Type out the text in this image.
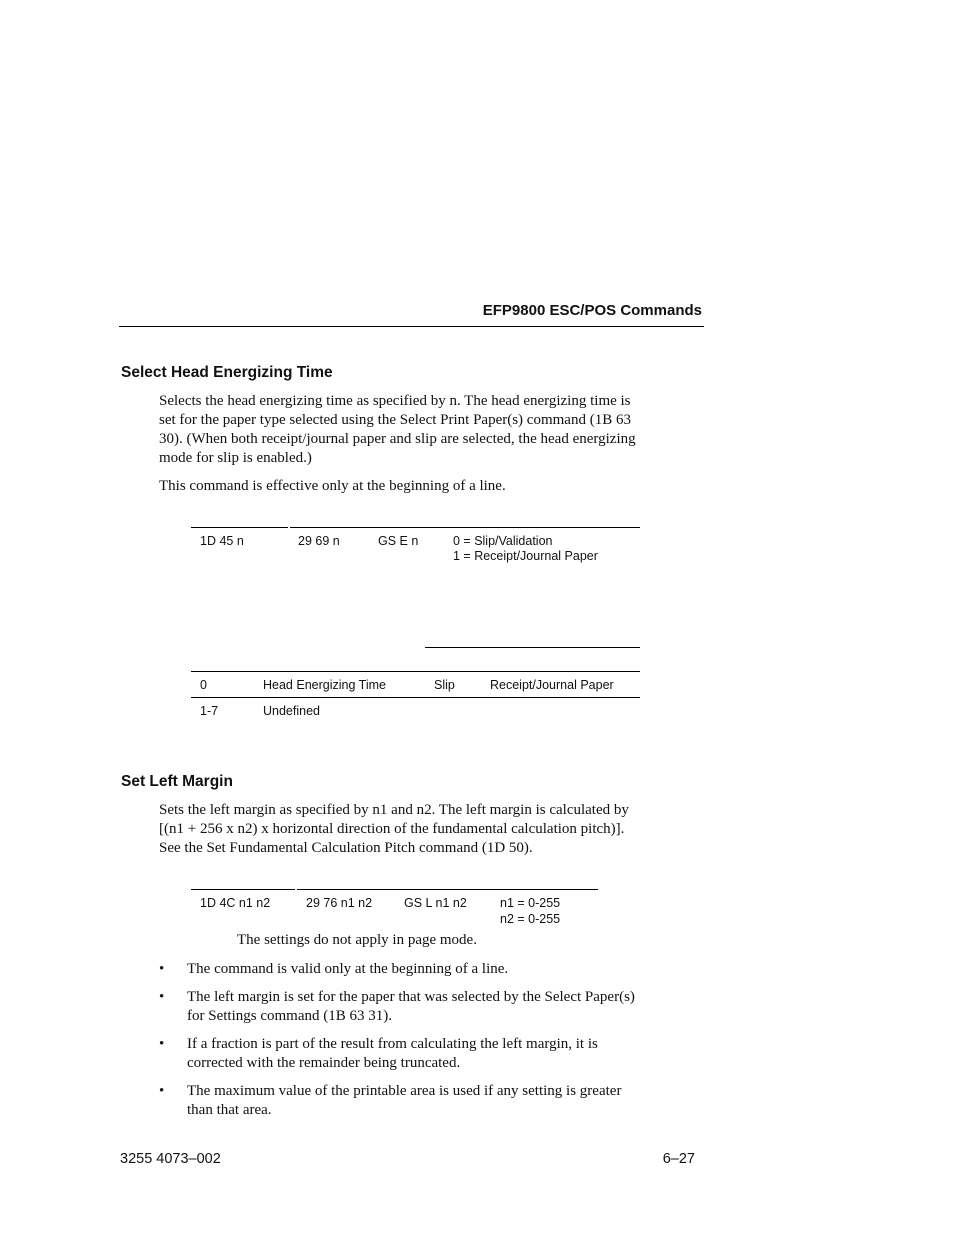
EFP9800 ESC/POS Commands
Select Head Energizing Time

Selects the head energizing time as specified by n. The head energizing time is

set for the paper type selected using the Select Print Paper(s) command (1B 63

30). (When both receipt/journal paper and slip are selected, the head energizing

mode for slip is enabled.)

This command is effective only at the beginning of a line.
1D 45 n	29 69 n	GS E n	0 = Slip/Validation
1 = Receipt/Journal Paper
0	Head Energizing Time	Slip	Receipt/Journal Paper
1-7	Undefined
Set Left Margin

Sets the left margin as specified by n1 and n2. The left margin is calculated by

[(n1 + 256 x n2) x horizontal direction of the fundamental calculation pitch)].

See the Set Fundamental Calculation Pitch command (1D 50).

1D 4C n1 n2	29 76 n1 n2	GS L n1 n2	n1 = 0-255
n2 = 0-255
The settings do not apply in page mode.
• The command is valid only at the beginning of a line.
• The left margin is set for the paper that was selected by the Select Paper(s)
for Settings command (1B 63 31).
• If a fraction is part of the result from calculating the left margin, it is
corrected with the remainder being truncated.
• The maximum value of the printable area is used if any setting is greater
than that area.
3255 4073–002	6–27
